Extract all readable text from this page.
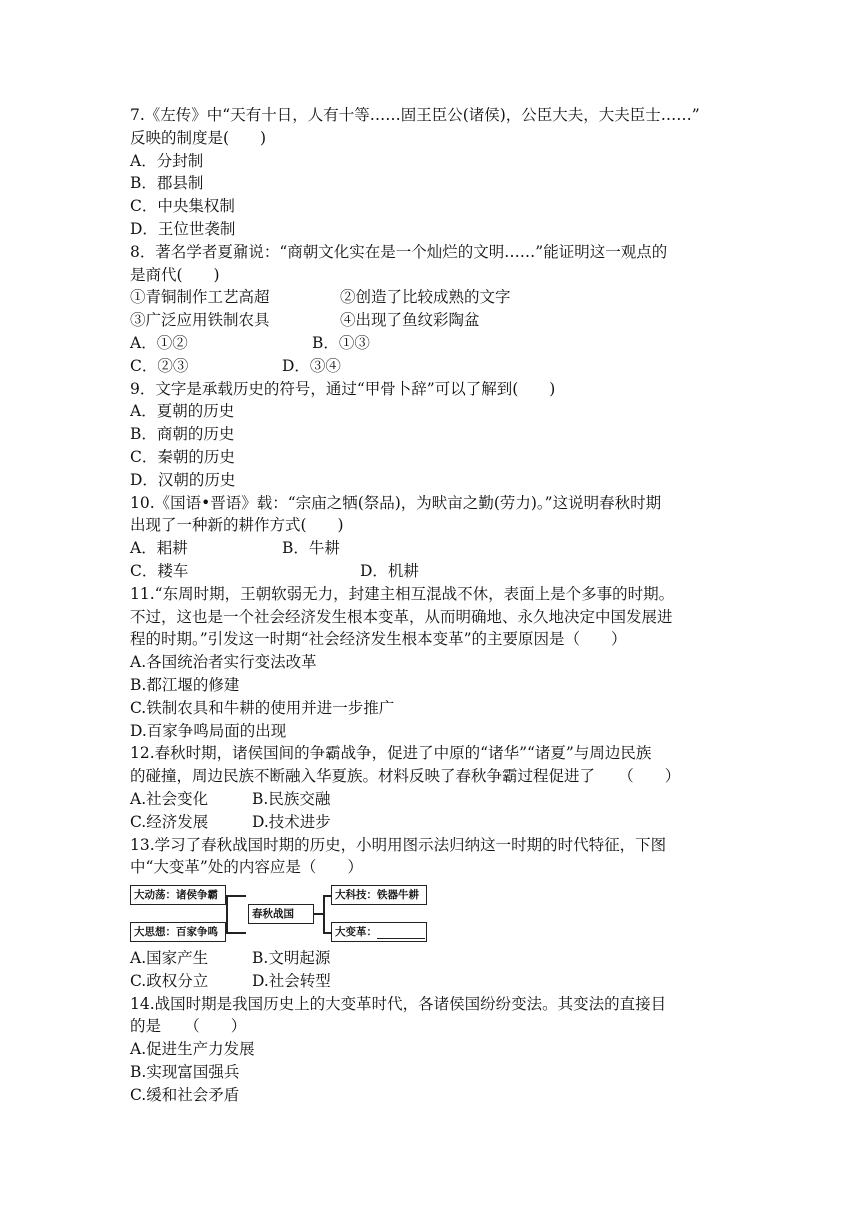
7.《左传》中“天有十日，人有十等……固王臣公(诸侯)，公臣大夫，大夫臣士……”

反映的制度是(　　)

A．分封制

B．郡县制

C．中央集权制

D．王位世袭制

8．著名学者夏鼐说：“商朝文化实在是一个灿烂的文明……”能证明这一观点的

是商代(　　)

①青铜制作工艺高超	②创造了比较成熟的文字
③广泛应用铁制农具	④出现了鱼纹彩陶盆
A．①②	B．①③
C．②③	D．③④

9．文字是承载历史的符号，通过“甲骨卜辞”可以了解到(　　)

A．夏朝的历史

B．商朝的历史

C．秦朝的历史

D．汉朝的历史

10.《国语•晋语》载：“宗庙之牺(祭品)，为畎亩之勤(劳力)。”这说明春秋时期

出现了一种新的耕作方式(　　)

A．耜耕	B．牛耕
C．耧车	D．机耕

11.“东周时期，王朝软弱无力，封建主相互混战不休，表面上是个多事的时期。

不过，这也是一个社会经济发生根本变革，从而明确地、永久地决定中国发展进

程的时期。”引发这一时期“社会经济发生根本变革”的主要原因是（　　）

A.各国统治者实行变法改革

B.都江堰的修建

C.铁制农具和牛耕的使用并进一步推广

D.百家争鸣局面的出现

12.春秋时期，诸侯国间的争霸战争，促进了中原的“诸华”“诸夏”与周边民族

的碰撞，周边民族不断融入华夏族。材料反映了春秋争霸过程促进了　　（　　）

A.社会变化	B.民族交融
C.经济发展	D.技术进步

13.学习了春秋战国时期的历史，小明用图示法归纳这一时期的时代特征，下图

中“大变革”处的内容应是（　　）

大动荡：诸侯争霸
大思想：百家争鸣
春秋战国
大科技：铁器牛耕
大变革：
A.国家产生	B.文明起源
C.政权分立	D.社会转型

14.战国时期是我国历史上的大变革时代，各诸侯国纷纷变法。其变法的直接目

的是　　（　　）

A.促进生产力发展

B.实现富国强兵

C.缓和社会矛盾
